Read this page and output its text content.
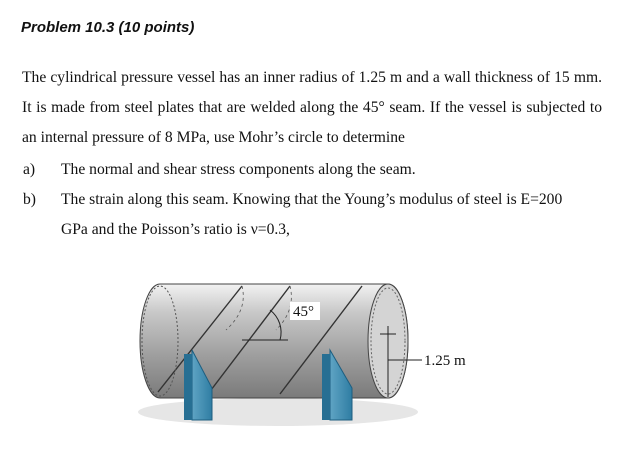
Problem 10.3 (10 points)

The cylindrical pressure vessel has an inner radius of 1.25 m and a wall thickness of 15 mm. It is made from steel plates that are welded along the 45° seam. If the vessel is subjected to an internal pressure of 8 MPa, use Mohr’s circle to determine

a) The normal and shear stress components along the seam.
b) The strain along this seam. Knowing that the Young’s modulus of steel is E=200
GPa and the Poisson’s ratio is ν=0.3,
1.25 m
45°
